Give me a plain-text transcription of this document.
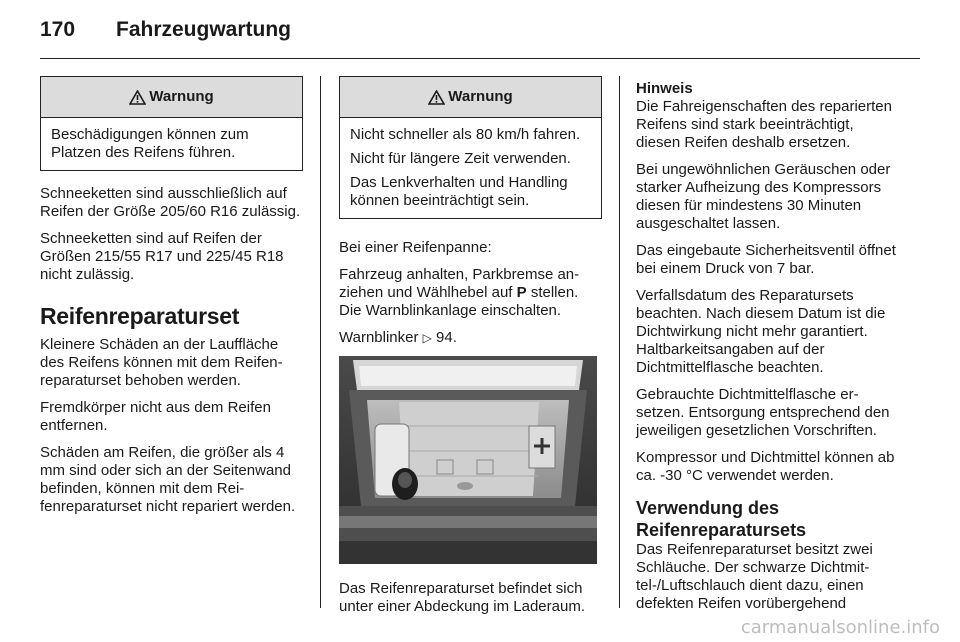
170	Fahrzeugwartung
Warnung

Beschädigungen können zum Platzen des Reifens führen.

Schneeketten sind ausschließlich auf Reifen der Größe 205/60 R16 zulässig.

Schneeketten sind auf Reifen der Größen 215/55 R17 und 225/45 R18 nicht zulässig.

Reifenreparaturset

Kleinere Schäden an der Lauffläche des Reifens können mit dem Reifenreparaturset behoben werden.

Fremdkörper nicht aus dem Reifen entfernen.

Schäden am Reifen, die größer als 4 mm sind oder sich an der Seitenwand befinden, können mit dem Reifenreparaturset nicht repariert werden.

Warnung

Nicht schneller als 80 km/h fahren.

Nicht für längere Zeit verwenden.

Das Lenkverhalten und Handling können beeinträchtigt sein.

Bei einer Reifenpanne:

Fahrzeug anhalten, Parkbremse anziehen und Wählhebel auf P stellen. Die Warnblinkanlage einschalten.

Warnblinker ▷ 94.

Das Reifenreparaturset befindet sich unter einer Abdeckung im Laderaum.

Hinweis

Die Fahreigenschaften des reparierten Reifens sind stark beeinträchtigt, diesen Reifen deshalb ersetzen.

Bei ungewöhnlichen Geräuschen oder starker Aufheizung des Kompressors diesen für mindestens 30 Minuten ausgeschaltet lassen.

Das eingebaute Sicherheitsventil öffnet bei einem Druck von 7 bar.

Verfallsdatum des Reparatursets beachten. Nach diesem Datum ist die Dichtwirkung nicht mehr garantiert. Haltbarkeitsangaben auf der Dichtmittelflasche beachten.

Gebrauchte Dichtmittelflasche ersetzen. Entsorgung entsprechend den jeweiligen gesetzlichen Vorschriften.

Kompressor und Dichtmittel können ab ca. -30 °C verwendet werden.

Verwendung des Reifenreparatursets

Das Reifenreparaturset besitzt zwei Schläuche. Der schwarze Dichtmittel-/Luftschlauch dient dazu, einen defekten Reifen vorübergehend

carmanualsonline.info
